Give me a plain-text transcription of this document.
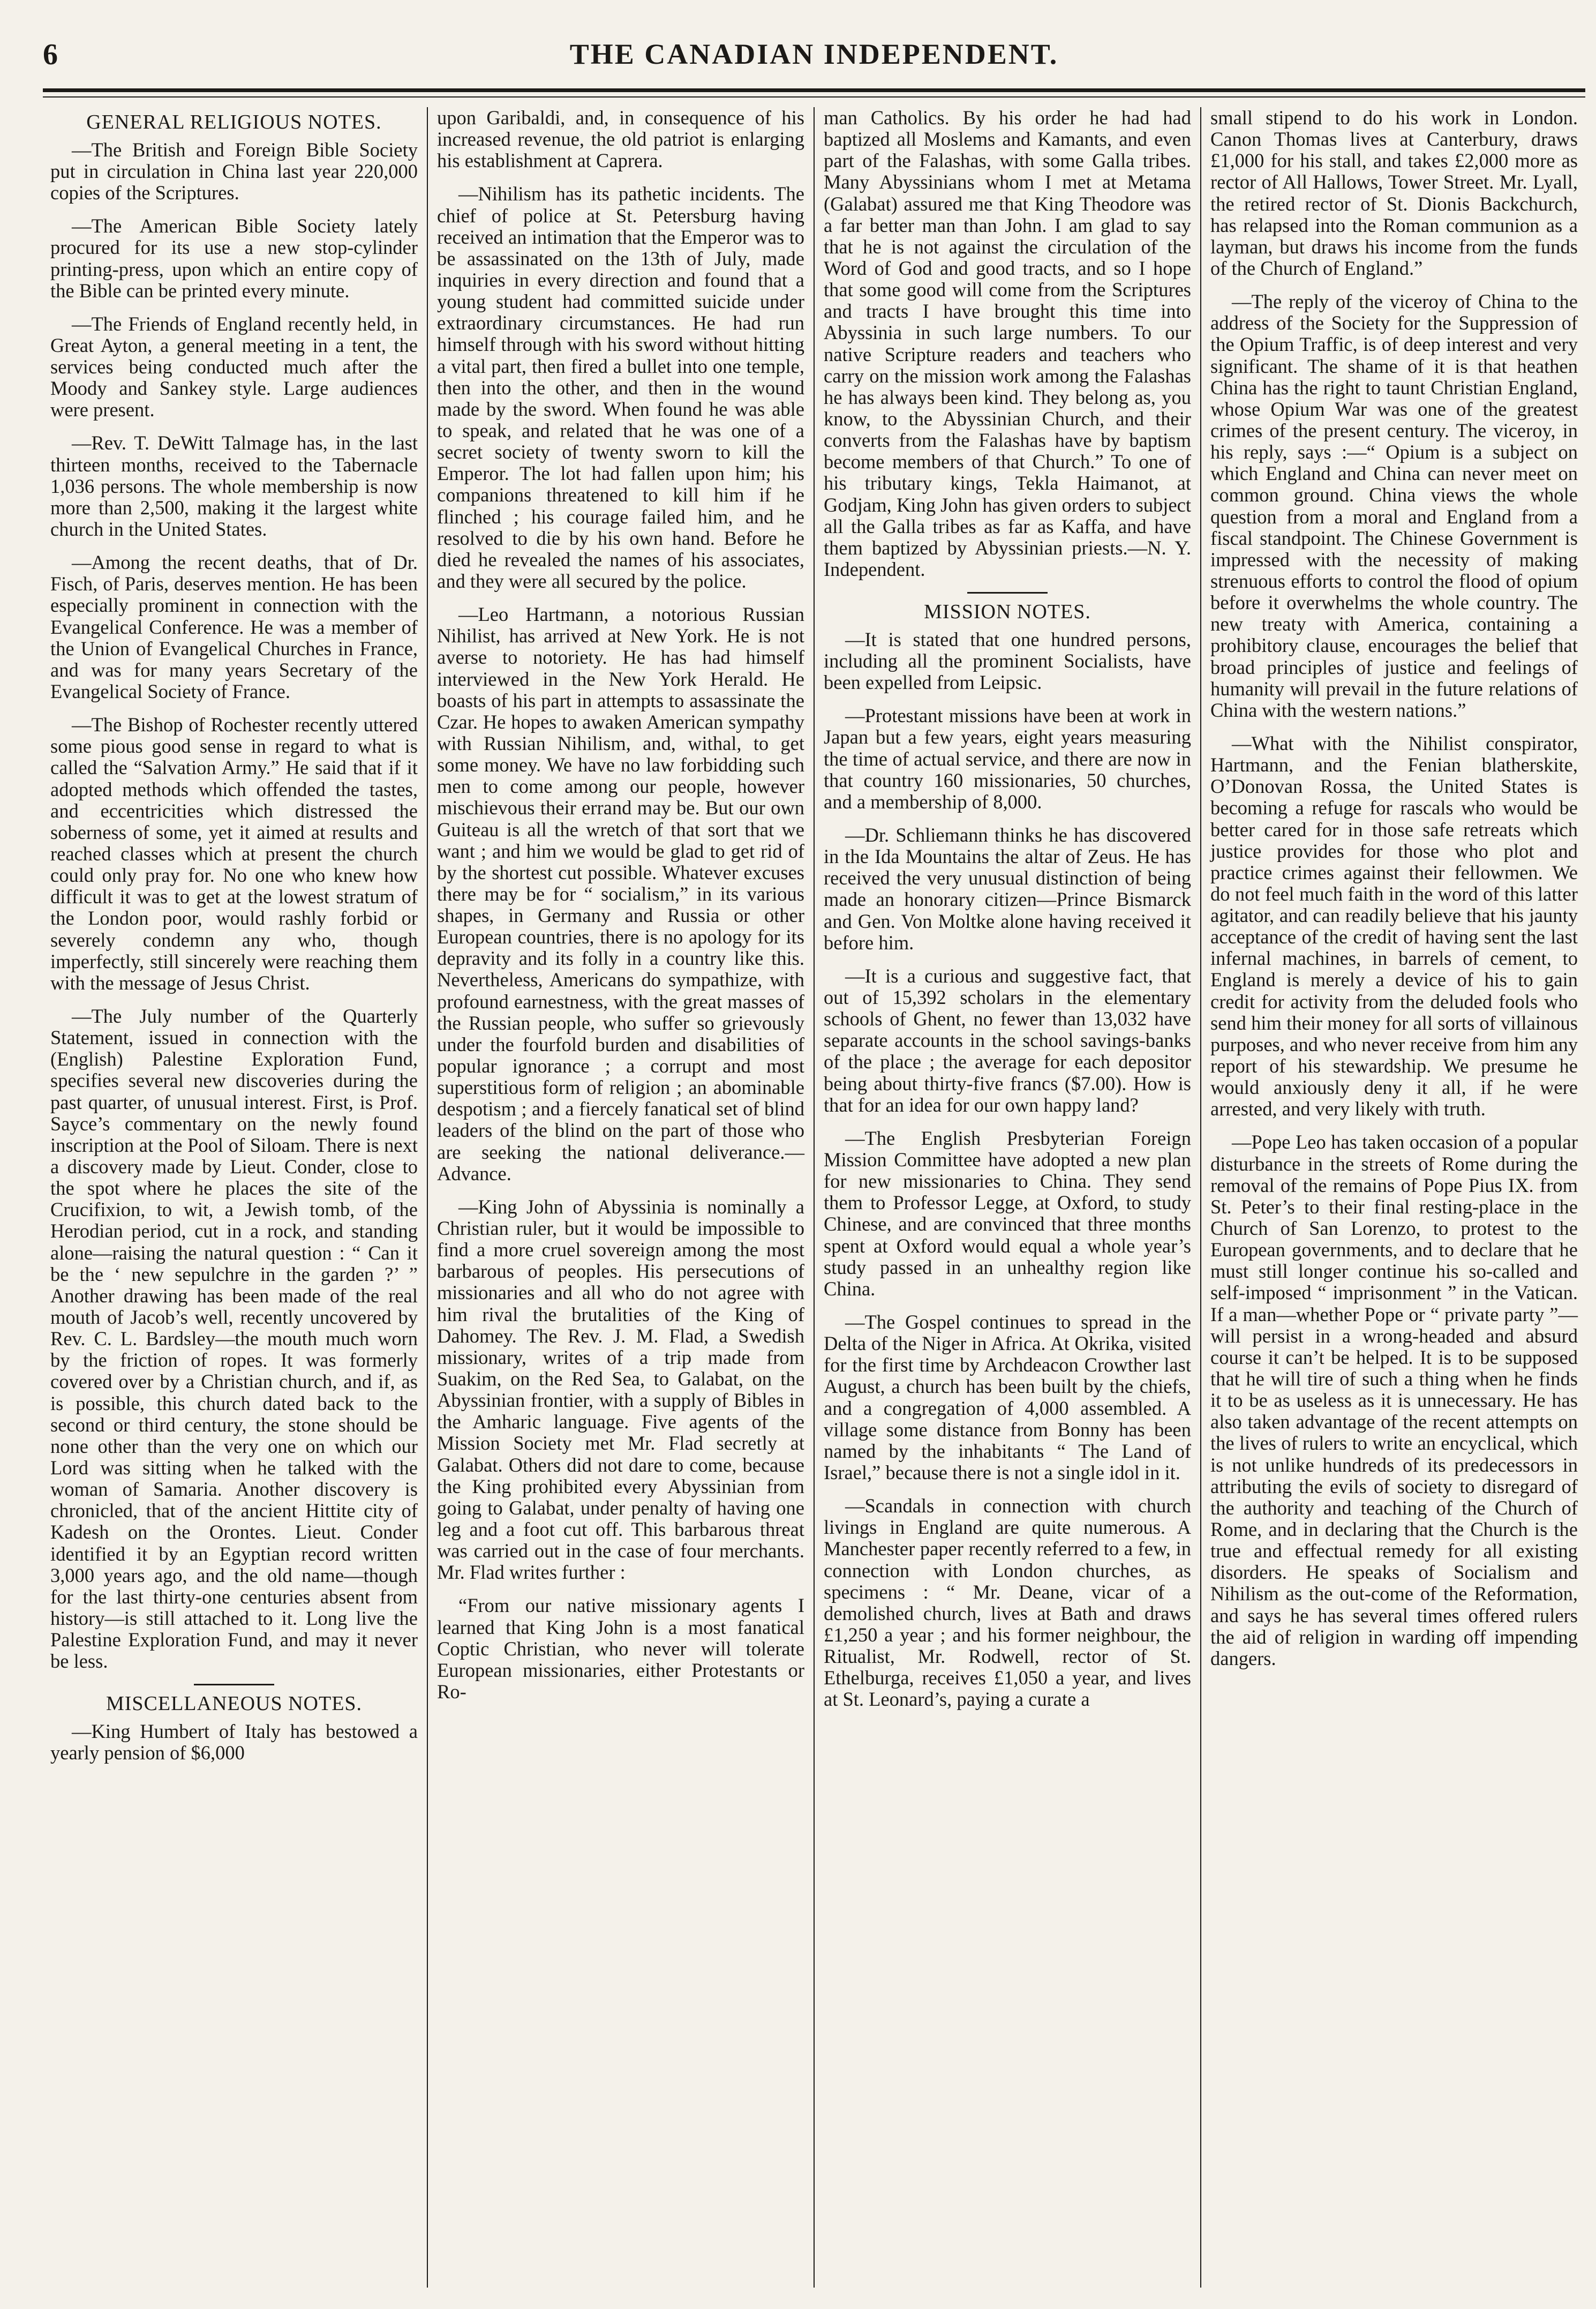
6	THE CANADIAN INDEPENDENT.
GENERAL RELIGIOUS NOTES.

—The British and Foreign Bible Society put in circulation in China last year 220,000 copies of the Scriptures.

—The American Bible Society lately procured for its use a new stop-cylinder printing-press, upon which an entire copy of the Bible can be printed every minute.

—The Friends of England recently held, in Great Ayton, a general meeting in a tent, the services being conducted much after the Moody and Sankey style. Large audiences were present.

—Rev. T. DeWitt Talmage has, in the last thirteen months, received to the Tabernacle 1,036 persons. The whole membership is now more than 2,500, making it the largest white church in the United States.

—Among the recent deaths, that of Dr. Fisch, of Paris, deserves mention. He has been especially prominent in connection with the Evangelical Conference. He was a member of the Union of Evangelical Churches in France, and was for many years Secretary of the Evangelical Society of France.

—The Bishop of Rochester recently uttered some pious good sense in regard to what is called the “Salvation Army.” He said that if it adopted methods which offended the tastes, and eccentricities which distressed the soberness of some, yet it aimed at results and reached classes which at present the church could only pray for. No one who knew how difficult it was to get at the lowest stratum of the London poor, would rashly forbid or severely condemn any who, though imperfectly, still sincerely were reaching them with the message of Jesus Christ.

—The July number of the Quarterly Statement, issued in connection with the (English) Palestine Exploration Fund, specifies several new discoveries during the past quarter, of unusual interest. First, is Prof. Sayce’s commentary on the newly found inscription at the Pool of Siloam. There is next a discovery made by Lieut. Conder, close to the spot where he places the site of the Crucifixion, to wit, a Jewish tomb, of the Herodian period, cut in a rock, and standing alone—raising the natural question : “ Can it be the ‘ new sepulchre in the garden ?’ ” Another drawing has been made of the real mouth of Jacob’s well, recently uncovered by Rev. C. L. Bardsley—the mouth much worn by the friction of ropes. It was formerly covered over by a Christian church, and if, as is possible, this church dated back to the second or third century, the stone should be none other than the very one on which our Lord was sitting when he talked with the woman of Samaria. Another discovery is chronicled, that of the ancient Hittite city of Kadesh on the Orontes. Lieut. Conder identified it by an Egyptian record written 3,000 years ago, and the old name—though for the last thirty-one centuries absent from history—is still attached to it. Long live the Palestine Exploration Fund, and may it never be less.

MISCELLANEOUS NOTES.

—King Humbert of Italy has bestowed a yearly pension of $6,000

upon Garibaldi, and, in consequence of his increased revenue, the old patriot is enlarging his establishment at Caprera.

—Nihilism has its pathetic incidents. The chief of police at St. Petersburg having received an intimation that the Emperor was to be assassinated on the 13th of July, made inquiries in every direction and found that a young student had committed suicide under extraordinary circumstances. He had run himself through with his sword without hitting a vital part, then fired a bullet into one temple, then into the other, and then in the wound made by the sword. When found he was able to speak, and related that he was one of a secret society of twenty sworn to kill the Emperor. The lot had fallen upon him; his companions threatened to kill him if he flinched ; his courage failed him, and he resolved to die by his own hand. Before he died he revealed the names of his associates, and they were all secured by the police.

—Leo Hartmann, a notorious Russian Nihilist, has arrived at New York. He is not averse to notoriety. He has had himself interviewed in the New York Herald. He boasts of his part in attempts to assassinate the Czar. He hopes to awaken American sympathy with Russian Nihilism, and, withal, to get some money. We have no law forbidding such men to come among our people, however mischievous their errand may be. But our own Guiteau is all the wretch of that sort that we want ; and him we would be glad to get rid of by the shortest cut possible. Whatever excuses there may be for “ socialism,” in its various shapes, in Germany and Russia or other European countries, there is no apology for its depravity and its folly in a country like this. Nevertheless, Americans do sympathize, with profound earnestness, with the great masses of the Russian people, who suffer so grievously under the fourfold burden and disabilities of popular ignorance ; a corrupt and most superstitious form of religion ; an abominable despotism ; and a fiercely fanatical set of blind leaders of the blind on the part of those who are seeking the national deliverance.—Advance.

—King John of Abyssinia is nominally a Christian ruler, but it would be impossible to find a more cruel sovereign among the most barbarous of peoples. His persecutions of missionaries and all who do not agree with him rival the brutalities of the King of Dahomey. The Rev. J. M. Flad, a Swedish missionary, writes of a trip made from Suakim, on the Red Sea, to Galabat, on the Abyssinian frontier, with a supply of Bibles in the Amharic language. Five agents of the Mission Society met Mr. Flad secretly at Galabat. Others did not dare to come, because the King prohibited every Abyssinian from going to Galabat, under penalty of having one leg and a foot cut off. This barbarous threat was carried out in the case of four merchants. Mr. Flad writes further :

“From our native missionary agents I learned that King John is a most fanatical Coptic Christian, who never will tolerate European missionaries, either Protestants or Ro-

man Catholics. By his order he had had baptized all Moslems and Kamants, and even part of the Falashas, with some Galla tribes. Many Abyssinians whom I met at Metama (Galabat) assured me that King Theodore was a far better man than John. I am glad to say that he is not against the circulation of the Word of God and good tracts, and so I hope that some good will come from the Scriptures and tracts I have brought this time into Abyssinia in such large numbers. To our native Scripture readers and teachers who carry on the mission work among the Falashas he has always been kind. They belong as, you know, to the Abyssinian Church, and their converts from the Falashas have by baptism become members of that Church.” To one of his tributary kings, Tekla Haimanot, at Godjam, King John has given orders to subject all the Galla tribes as far as Kaffa, and have them baptized by Abyssinian priests.—N. Y. Independent.

MISSION NOTES.

—It is stated that one hundred persons, including all the prominent Socialists, have been expelled from Leipsic.

—Protestant missions have been at work in Japan but a few years, eight years measuring the time of actual service, and there are now in that country 160 missionaries, 50 churches, and a membership of 8,000.

—Dr. Schliemann thinks he has discovered in the Ida Mountains the altar of Zeus. He has received the very unusual distinction of being made an honorary citizen—Prince Bismarck and Gen. Von Moltke alone having received it before him.

—It is a curious and suggestive fact, that out of 15,392 scholars in the elementary schools of Ghent, no fewer than 13,032 have separate accounts in the school savings-banks of the place ; the average for each depositor being about thirty-five francs ($7.00). How is that for an idea for our own happy land?

—The English Presbyterian Foreign Mission Committee have adopted a new plan for new missionaries to China. They send them to Professor Legge, at Oxford, to study Chinese, and are convinced that three months spent at Oxford would equal a whole year’s study passed in an unhealthy region like China.

—The Gospel continues to spread in the Delta of the Niger in Africa. At Okrika, visited for the first time by Archdeacon Crowther last August, a church has been built by the chiefs, and a congregation of 4,000 assembled. A village some distance from Bonny has been named by the inhabitants “ The Land of Israel,” because there is not a single idol in it.

—Scandals in connection with church livings in England are quite numerous. A Manchester paper recently referred to a few, in connection with London churches, as specimens : “ Mr. Deane, vicar of a demolished church, lives at Bath and draws £1,250 a year ; and his former neighbour, the Ritualist, Mr. Rodwell, rector of St. Ethelburga, receives £1,050 a year, and lives at St. Leonard’s, paying a curate a

small stipend to do his work in London. Canon Thomas lives at Canterbury, draws £1,000 for his stall, and takes £2,000 more as rector of All Hallows, Tower Street. Mr. Lyall, the retired rector of St. Dionis Backchurch, has relapsed into the Roman communion as a layman, but draws his income from the funds of the Church of England.”

—The reply of the viceroy of China to the address of the Society for the Suppression of the Opium Traffic, is of deep interest and very significant. The shame of it is that heathen China has the right to taunt Christian England, whose Opium War was one of the greatest crimes of the present century. The viceroy, in his reply, says :—“ Opium is a subject on which England and China can never meet on common ground. China views the whole question from a moral and England from a fiscal standpoint. The Chinese Government is impressed with the necessity of making strenuous efforts to control the flood of opium before it overwhelms the whole country. The new treaty with America, containing a prohibitory clause, encourages the belief that broad principles of justice and feelings of humanity will prevail in the future relations of China with the western nations.”

—What with the Nihilist conspirator, Hartmann, and the Fenian blatherskite, O’Donovan Rossa, the United States is becoming a refuge for rascals who would be better cared for in those safe retreats which justice provides for those who plot and practice crimes against their fellowmen. We do not feel much faith in the word of this latter agitator, and can readily believe that his jaunty acceptance of the credit of having sent the last infernal machines, in barrels of cement, to England is merely a device of his to gain credit for activity from the deluded fools who send him their money for all sorts of villainous purposes, and who never receive from him any report of his stewardship. We presume he would anxiously deny it all, if he were arrested, and very likely with truth.

—Pope Leo has taken occasion of a popular disturbance in the streets of Rome during the removal of the remains of Pope Pius IX. from St. Peter’s to their final resting-place in the Church of San Lorenzo, to protest to the European governments, and to declare that he must still longer continue his so-called and self-imposed “ imprisonment ” in the Vatican. If a man—whether Pope or “ private party ”—will persist in a wrong-headed and absurd course it can’t be helped. It is to be supposed that he will tire of such a thing when he finds it to be as useless as it is unnecessary. He has also taken advantage of the recent attempts on the lives of rulers to write an encyclical, which is not unlike hundreds of its predecessors in attributing the evils of society to disregard of the authority and teaching of the Church of Rome, and in declaring that the Church is the true and effectual remedy for all existing disorders. He speaks of Socialism and Nihilism as the out-come of the Reformation, and says he has several times offered rulers the aid of religion in warding off impending dangers.
